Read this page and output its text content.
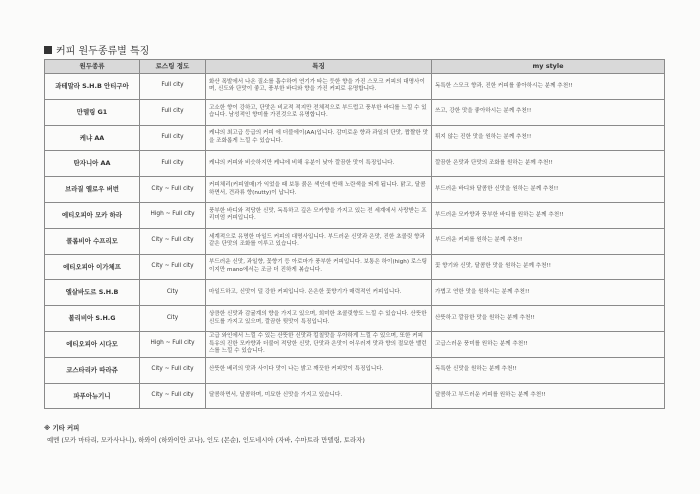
커피 원두종류별 특징
원두종류	로스팅 정도	특징	my style
과테말라 S.H.B 안티구아	Full city	화산 폭발에서 나온 질소를 흡수하여 연기가 타는 듯한 향을 가진 스모크 커피의 대명사이며, 신도와 단맛이 좋고, 풍부한 바디와 향을 가진 커피로 유명합니다.	독특한 스모크 향과, 진한 커피를 좋아하시는 분께 추천!!
만델링 G1	Full city	고소한 향이 강하고, 단맛은 비교적 적지만 전체적으로 부드럽고 풍부한 바디를 느낄 수 있습니다. 남성적인 향미를 가진것으로 유명합니다.	쓰고, 강한 맛을 좋아하시는 분께 추천!!
케냐 AA	Full city	케냐의 최고급 등급의 커피 에 더블에이(AA)입니다. 감미로운 향과 과일의 단맛, 짭짤한 맛을 조화롭게 느낄 수 있습니다.	튀지 않는 진한 맛을 원하는 분께 추천!!
탄자니아 AA	Full city	케냐의 커피와 비슷하지만 케냐에 비해 유분이 낮아 깔끔한 맛이 특징입니다.	깔끔한 은맛과 단맛의 조화를 원하는 분께 추천!!
브라질 옐로우 버번	City ~ Full city	커피체리(커피열매)가 익었을 때 보통 붉은 색인데 반해 노란색을 띄게 됩니다. 맑고, 달콤하면서, 견과류 향(nutty)이 납니다.	부드러운 바디와 달콤한 신맛을 원하는 분께 추천!!
에티오피아 모카 하라	High ~ Full city	풍부한 바디와 적당한 신맛, 독특하고 깊은 모카향을 가지고 있는 전 세계에서 사랑받는 프리미엄 커피입니다.	부드러운 모카향과 풍부한 바디를 원하는 분께 추천!!
콜롬비아 수프리모	City ~ Full city	세계적으로 유명한 마일드 커피의 대명사입니다. 부드러운 신맛과 은맛, 진한 초콜릿 향과 같은 단맛의 조화를 이루고 있습니다.	부드러운 커피를 원하는 분께 추천!!
에티오피아 이가체프	City ~ Full city	부드러운 신맛, 과일향, 꽃향기 등 아로마가 풍부한 커피입니다. 보통은 하이(high) 로스팅이지만 mano에서는 조금 더 진하게 볶습니다.	꽃 향기와 신맛, 달콤한 맛을 원하는 분께 추천!!
엘살바도르 S.H.B	City	마일드하고, 신맛이 덜 강한 커피입니다. 은은한 꽃향기가 매력적인 커피입니다.	가볍고 연한 맛을 원하시는 분께 추천!!
볼리비아 S.H.G	City	상큼한 신맛과 감귤계의 향을 가지고 있으며, 희미한 초콜릿향도 느낄 수 있습니다. 산뜻한 신도를 가지고 있으며, 깔끔한 뒷맛이 특징입니다.	산뜻하고 깔끔한 맛을 원하는 분께 추천!!
에티오피아 시다모	High ~ Full city	고급 와인에서 느낄 수 있는 산뜻한 신맛과 킬칠맛을 우아하게 느낄 수 있으며, 또한 커피 특유의 진한 모카향과 더불어 적당한 신맛, 단맛과 은맛이 어우러져 맛과 향의 절묘한 밸런스를 느낄 수 있습니다.	고급스러운 풍미를 원하는 분께 추천!!
코스타리카 따라쥬	City ~ Full city	산뜻한 베리의 맛과 사이다 맛이 나는 밝고 깨끗한 커피맛이 특징입니다.	독특한 신맛을 원하는 분께 추천!!
파푸아뉴기니	City ~ Full city	달콤하면서, 달콤하며, 미묘한 신맛을 가지고 있습니다.	달콤하고 부드러운 커피를 원하는 분께 추천!!
※ 기타 커피
예멘 (모카 마타리, 모카사나니), 하와이 (하와이안 코나), 인도 (몬순), 인도네시아 (자바, 수마트라 만델링, 토라자)
